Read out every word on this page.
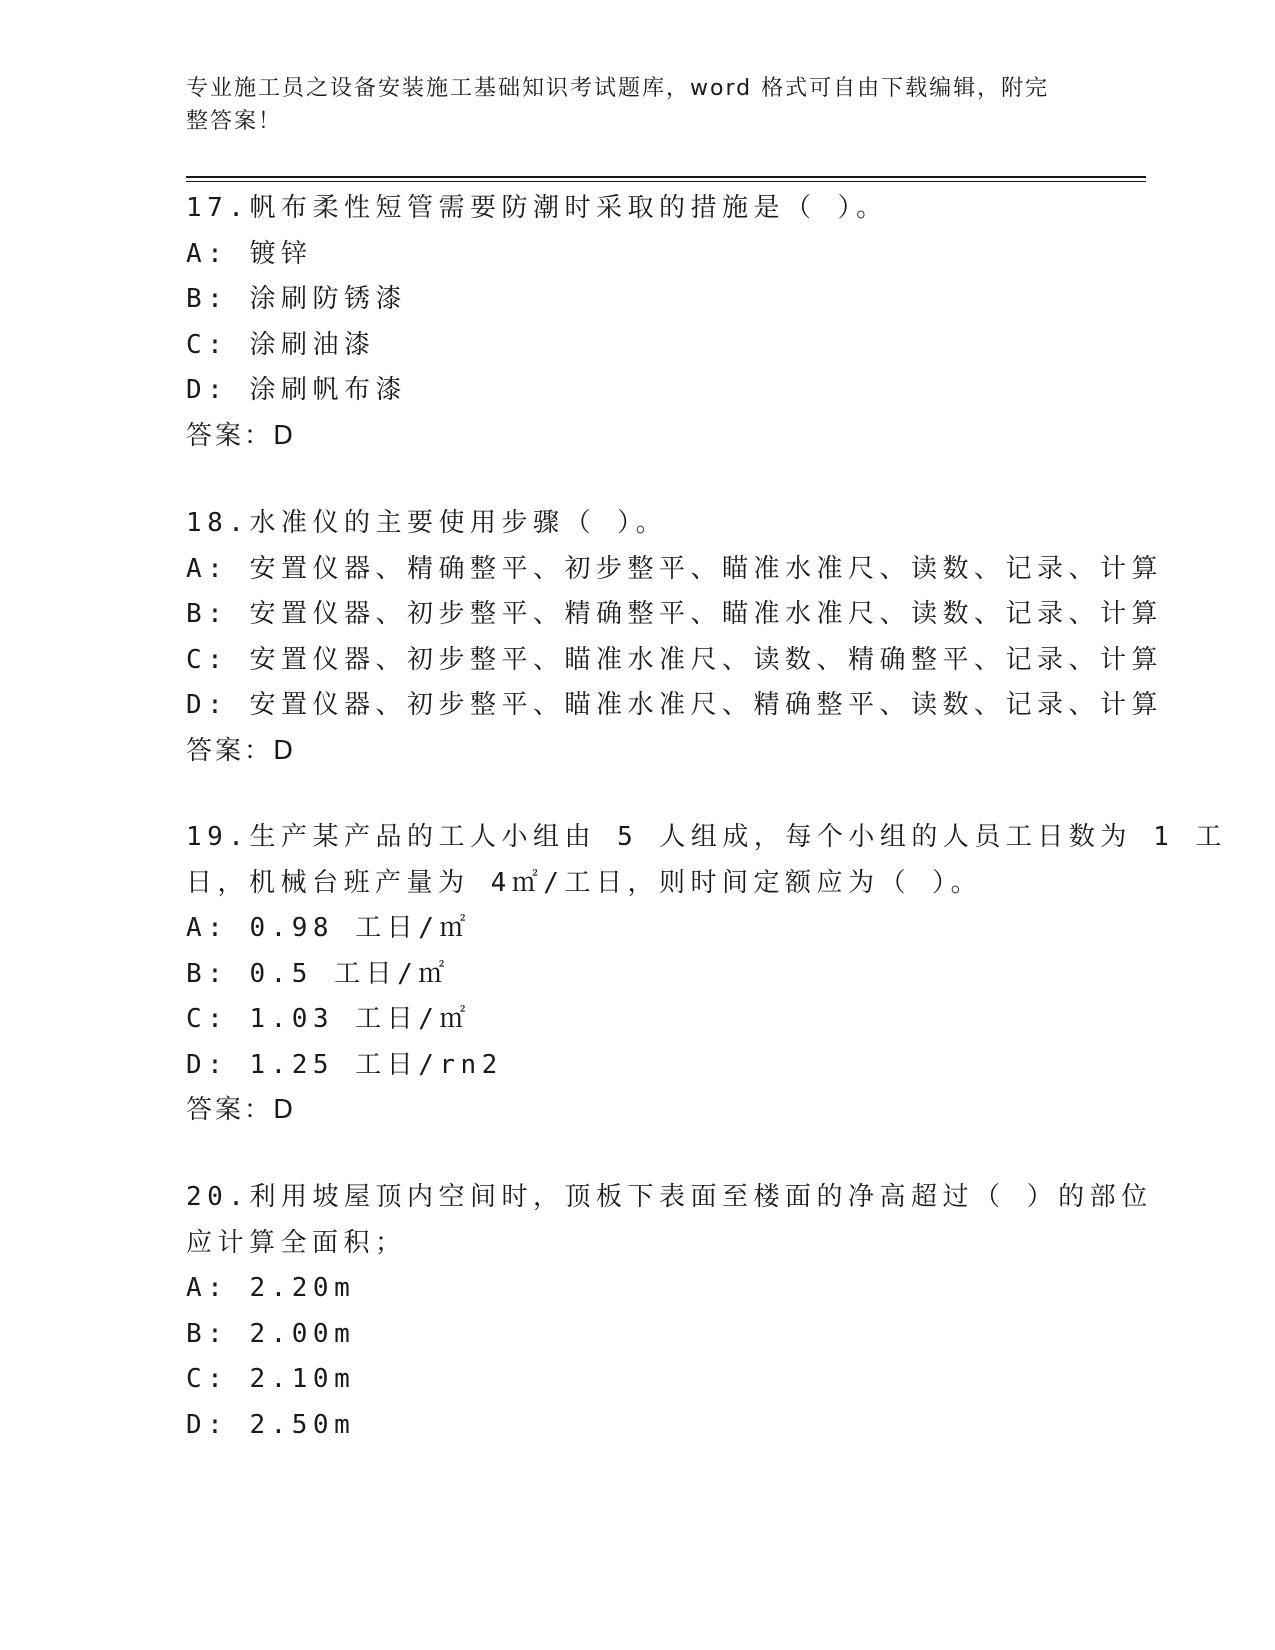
专业施工员之设备安装施工基础知识考试题库，word 格式可自由下载编辑，附完
整答案！
17.帆布柔性短管需要防潮时采取的措施是（ ）。
A: 镀锌
B: 涂刷防锈漆
C: 涂刷油漆
D: 涂刷帆布漆
答案：D
18.水准仪的主要使用步骤（ ）。
A: 安置仪器、精确整平、初步整平、瞄准水准尺、读数、记录、计算
B: 安置仪器、初步整平、精确整平、瞄准水准尺、读数、记录、计算
C: 安置仪器、初步整平、瞄准水准尺、读数、精确整平、记录、计算
D: 安置仪器、初步整平、瞄准水准尺、精确整平、读数、记录、计算
答案：D
19.生产某产品的工人小组由 5 人组成，每个小组的人员工日数为 1 工
日，机械台班产量为 4㎡/工日，则时间定额应为（ ）。
A: 0.98 工日/㎡
B: 0.5 工日/㎡
C: 1.03 工日/㎡
D: 1.25 工日/rn2
答案：D
20.利用坡屋顶内空间时，顶板下表面至楼面的净高超过（ ）的部位
应计算全面积；
A: 2.20m
B: 2.00m
C: 2.10m
D: 2.50m
